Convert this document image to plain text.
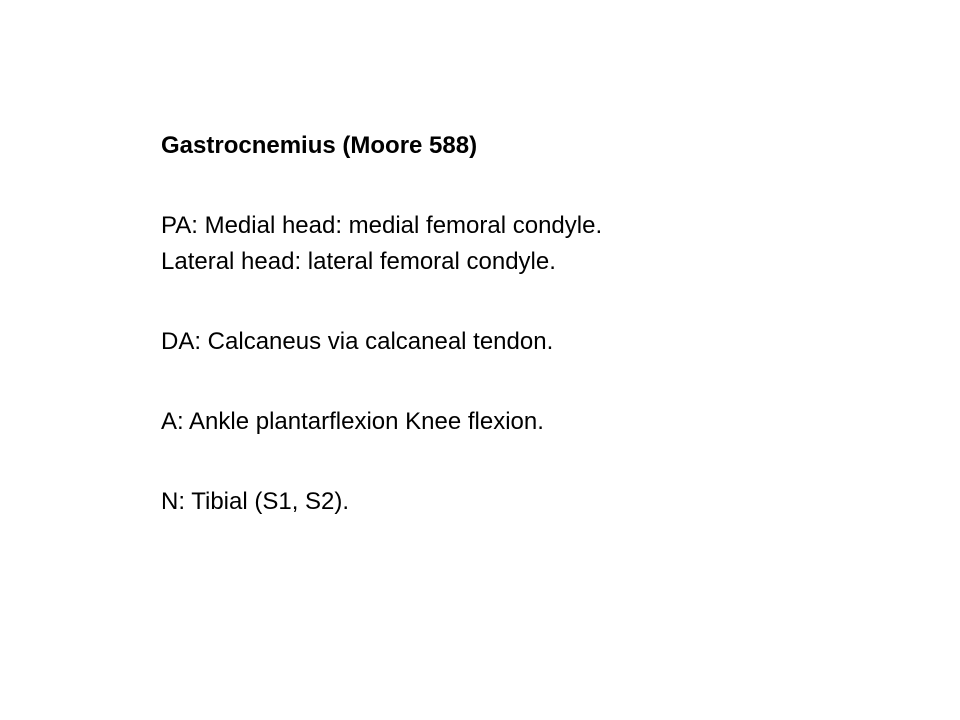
Gastrocnemius (Moore 588)

PA: Medial head: medial femoral condyle.

Lateral head: lateral femoral condyle.

DA: Calcaneus via calcaneal tendon.

A: Ankle plantarflexion Knee flexion.

N: Tibial (S1, S2).
